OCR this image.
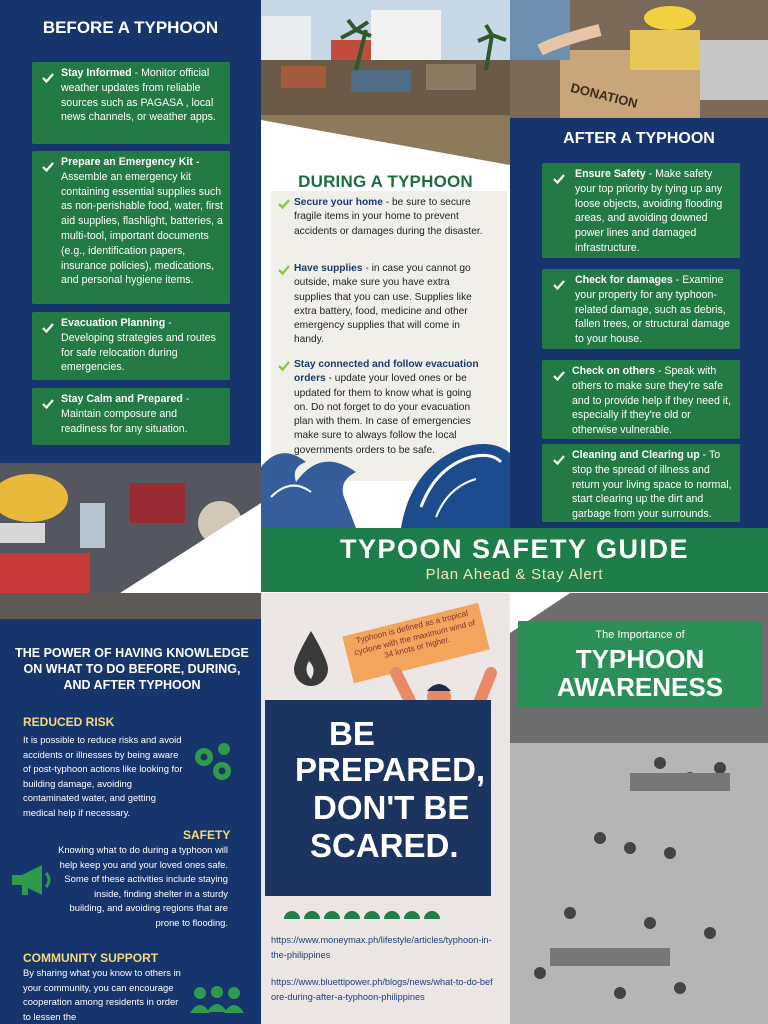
BEFORE A TYPHOON
Stay Informed - Monitor official weather updates from reliable sources such as PAGASA , local news channels, or weather apps.
Prepare an Emergency Kit - Assemble an emergency kit containing essential supplies such as non-perishable food, water, first aid supplies, flashlight, batteries, a multi-tool, important documents (e.g., identification papers, insurance policies), medications, and personal hygiene items.
Evacuation Planning - Developing strategies and routes for safe relocation during emergencies.
Stay Calm and Prepared - Maintain composure and readiness for any situation.
DONATION
AFTER A TYPHOON
Ensure Safety - Make safety your top priority by tying up any loose objects, avoiding flooding areas, and avoiding downed power lines and damaged infrastructure.
Check for damages - Examine your property for any typhoon-related damage, such as debris, fallen trees, or structural damage to your house.
Check on others - Speak with others to make sure they're safe and to provide help if they need it, especially if they're old or otherwise vulnerable.
Cleaning and Clearing up - To stop the spread of illness and return your living space to normal, start clearing up the dirt and garbage from your surrounds.
DURING A TYPHOON
Secure your home - be sure to secure fragile items in your home to prevent accidents or damages during the disaster.
Have supplies - in case you cannot go outside, make sure you have extra supplies that you can use. Supplies like extra battery, food, medicine and other emergency supplies that will come in handy.
Stay connected and follow evacuation orders - update your loved ones or be updated for them to know what is going on. Do not forget to do your evacuation plan with them. In case of emergencies make sure to always follow the local governments orders to be safe.
TYPOON SAFETY GUIDE
Plan Ahead & Stay Alert
THE POWER OF HAVING KNOWLEDGE ON WHAT TO DO BEFORE, DURING, AND AFTER TYPHOON
REDUCED RISK
It is possible to reduce risks and avoid accidents or illnesses by being aware of post-typhoon actions like looking for building damage, avoiding contaminated water, and getting medical help if necessary.
SAFETY
Knowing what to do during a typhoon will help keep you and your loved ones safe. Some of these activities include staying inside, finding shelter in a sturdy building, and avoiding regions that are prone to flooding.
COMMUNITY SUPPORT
By sharing what you know to others in your community, you can encourage cooperation among residents in order to lessen the
Typhoon is defined as a tropical cyclone with the maximum wind of 34 knots or higher.
BE
PREPARED,
DON'T BE
SCARED.
https://www.moneymax.ph/lifestyle/articles/typhoon-in-the-philippines
https://www.bluettipower.ph/blogs/news/what-to-do-before-during-after-a-typhoon-philippines
The Importance of
TYPHOON
AWARENESS
